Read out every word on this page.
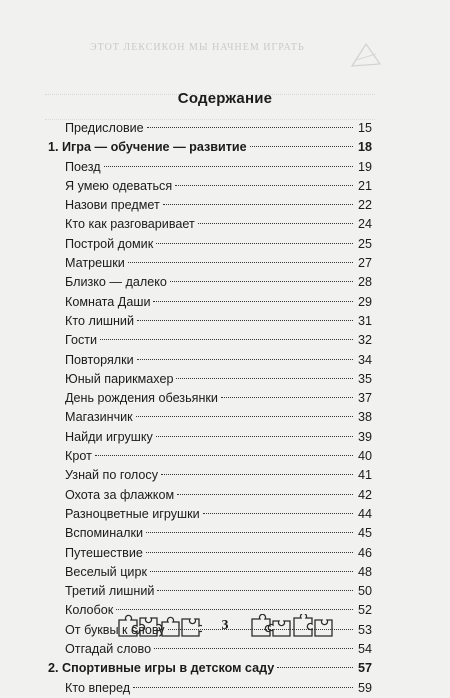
ЭТОТ ЛЕКСИКОН МЫ НАЧНЕМ ИГРАТЬ
Содержание
Предисловие	15
1. Игра — обучение — развитие	18
Поезд	19
Я умею одеваться	21
Назови предмет	22
Кто как разговаривает	24
Построй домик	25
Матрешки	27
Близко — далеко	28
Комната Даши	29
Кто лишний	31
Гости	32
Повторялки	34
Юный парикмахер	35
День рождения обезьянки	37
Магазинчик	38
Найди игрушку	39
Крот	40
Узнай по голосу	41
Охота за флажком	42
Разноцветные игрушки	44
Вспоминалки	45
Путешествие	46
Веселый цирк	48
Третий лишний	50
Колобок	52
От буквы к слову	53
Отгадай слово	54
2. Спортивные игры в детском саду	57
Кто вперед	59
3
